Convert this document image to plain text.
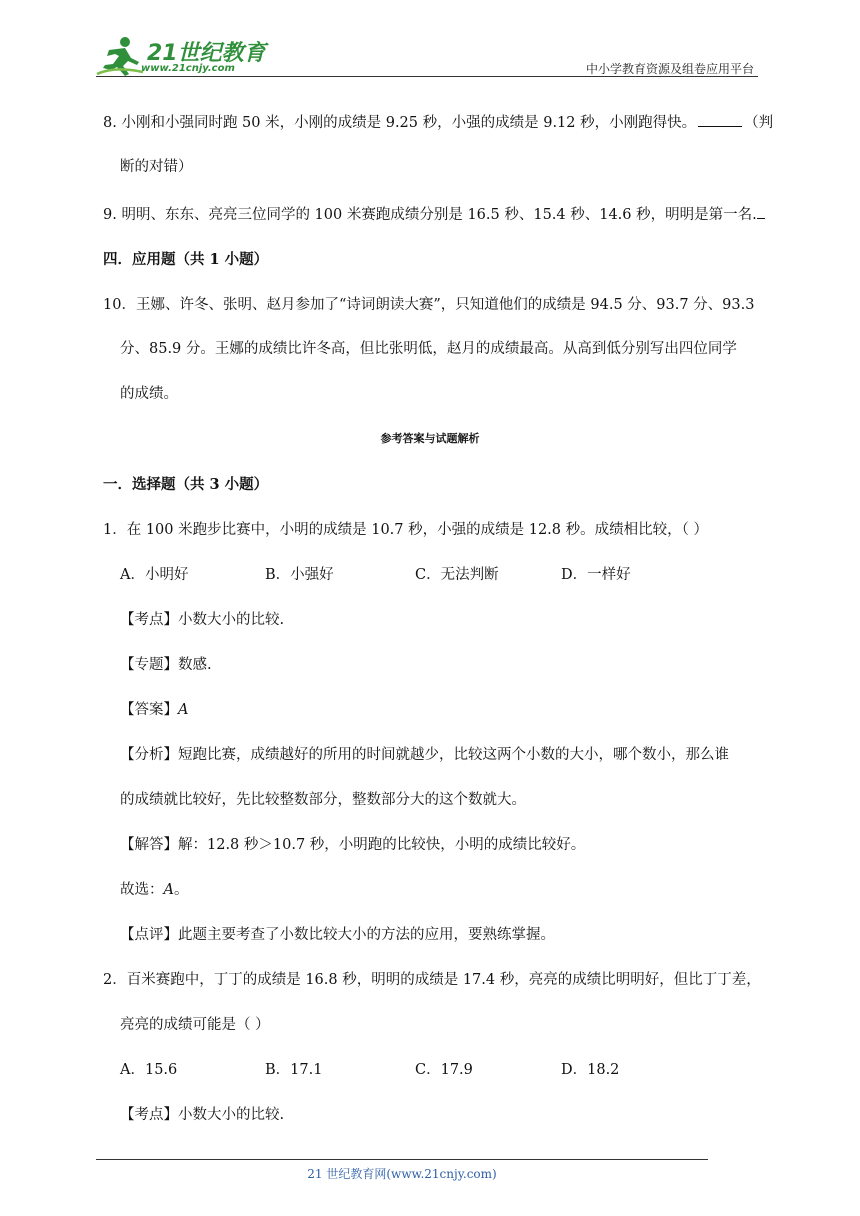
21世纪教育
www.21cnjy.com	中小学教育资源及组卷应用平台
8. 小刚和小强同时跑 50 米，小刚的成绩是 9.25 秒，小强的成绩是 9.12 秒，小刚跑得快。	（判
断的对错）
9. 明明、东东、亮亮三位同学的 100 米赛跑成绩分别是 16.5 秒、15.4 秒、14.6 秒，明明是第一名.
四．应用题（共 1 小题）
10．王娜、许冬、张明、赵月参加了“诗词朗读大赛”，只知道他们的成绩是 94.5 分、93.7 分、93.3
分、85.9 分。王娜的成绩比许冬高，但比张明低，赵月的成绩最高。从高到低分别写出四位同学
的成绩。
参考答案与试题解析
一．选择题（共 3 小题）
1．在 100 米跑步比赛中，小明的成绩是 10.7 秒，小强的成绩是 12.8 秒。成绩相比较，（ ）
A．小明好	B．小强好	C．无法判断	D．一样好
【考点】小数大小的比较.
【专题】数感.
【答案】A
【分析】短跑比赛，成绩越好的所用的时间就越少，比较这两个小数的大小，哪个数小，那么谁
的成绩就比较好，先比较整数部分，整数部分大的这个数就大。
【解答】解：12.8 秒＞10.7 秒，小明跑的比较快，小明的成绩比较好。
故选：A。
【点评】此题主要考查了小数比较大小的方法的应用，要熟练掌握。
2．百米赛跑中，丁丁的成绩是 16.8 秒，明明的成绩是 17.4 秒，亮亮的成绩比明明好，但比丁丁差，
亮亮的成绩可能是（ ）
A．15.6	B．17.1	C．17.9	D．18.2
【考点】小数大小的比较.
21 世纪教育网(www.21cnjy.com)
